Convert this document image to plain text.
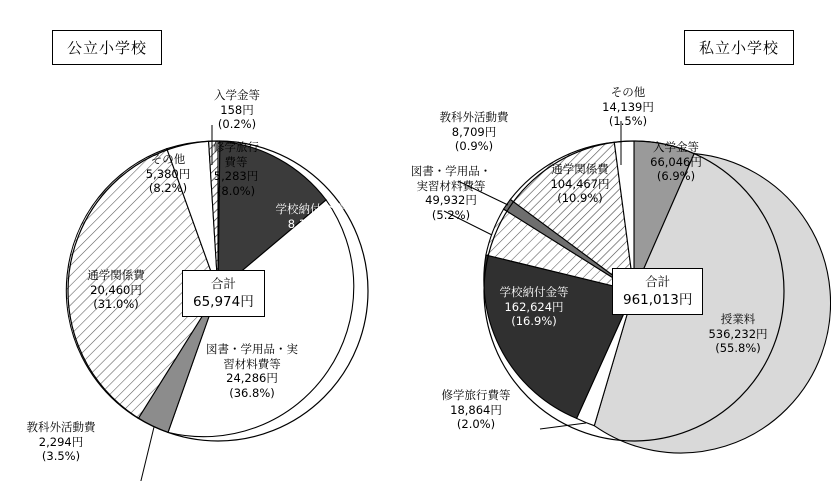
公立小学校	私立小学校
合計
65,974円
入学金等
158円
(0.2%)
その他
5,380円
(8.2%)
修学旅行
費等
5,283円
(8.0%)
学校納付金等
8,113円
(12.3%)
図書・学用品・実
習材料費等
24,286円
(36.8%)
通学関係費
20,460円
(31.0%)
教科外活動費
2,294円
(3.5%)
合計
961,013円
教科外活動費
8,709円
(0.9%)
図書・学用品・
実習材料費等
49,932円
(5.2%)
その他
14,139円
(1.5%)
入学金等
66,046円
(6.9%)
通学関係費
104,467円
(10.9%)
授業料
536,232円
(55.8%)
学校納付金等
162,624円
(16.9%)
修学旅行費等
18,864円
(2.0%)
